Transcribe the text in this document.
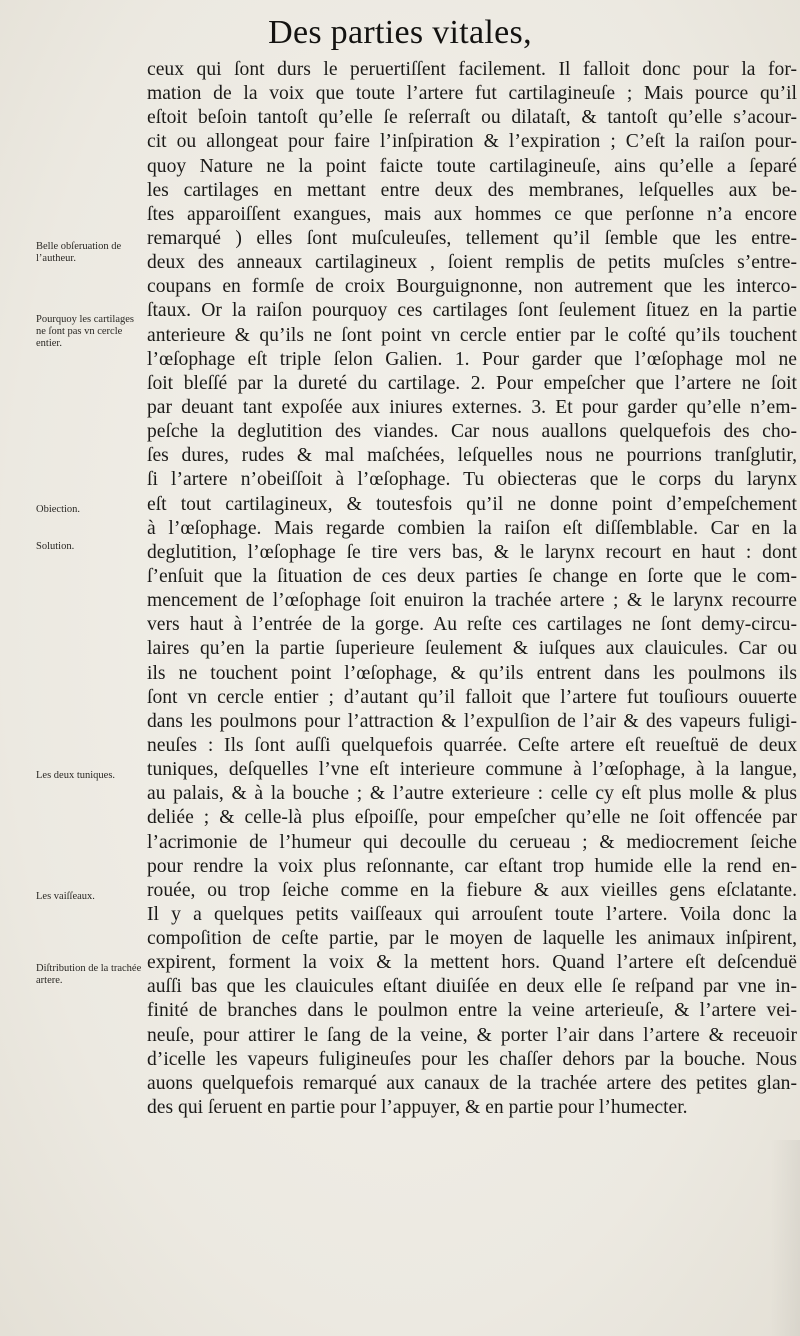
Des parties vitales,
ceux qui ſont durs le peruertiſſent facilement. Il falloit donc pour la for-
mation de la voix que toute l’artere fut cartilagineuſe ; Mais pource qu’il
eſtoit beſoin tantoſt qu’elle ſe reſerraſt ou dilataſt, & tantoſt qu’elle s’acour-
cit ou allongeat pour faire l’inſpiration & l’expiration ; C’eſt la raiſon pour-
quoy Nature ne la point faicte toute cartilagineuſe, ains qu’elle a ſeparé
les cartilages en mettant entre deux des membranes, leſquelles aux be-
ſtes apparoiſſent exangues, mais aux hommes ce que perſonne n’a encore
remarqué ) elles ſont muſculeuſes, tellement qu’il ſemble que les entre-
deux des anneaux cartilagineux , ſoient remplis de petits muſcles s’entre-
coupans en formſe de croix Bourguignonne, non autrement que les interco-
ſtaux. Or la raiſon pourquoy ces cartilages ſont ſeulement ſituez en la partie
anterieure & qu’ils ne ſont point vn cercle entier par le coſté qu’ils touchent
l’œſophage eſt triple ſelon Galien. 1. Pour garder que l’œſophage mol ne
ſoit bleſſé par la dureté du cartilage. 2. Pour empeſcher que l’artere ne ſoit
par deuant tant expoſée aux iniures externes. 3. Et pour garder qu’elle n’em-
peſche la deglutition des viandes. Car nous auallons quelquefois des cho-
ſes dures, rudes & mal maſchées, leſquelles nous ne pourrions tranſglutir,
ſi l’artere n’obeiſſoit à l’œſophage. Tu obiecteras que le corps du larynx
eſt tout cartilagineux, & toutesfois qu’il ne donne point d’empeſchement
à l’œſophage. Mais regarde combien la raiſon eſt diſſemblable. Car en la
deglutition, l’œſophage ſe tire vers bas, & le larynx recourt en haut : dont
ſ’enſuit que la ſituation de ces deux parties ſe change en ſorte que le com-
mencement de l’œſophage ſoit enuiron la trachée artere ; & le larynx recourre
vers haut à l’entrée de la gorge. Au reſte ces cartilages ne ſont demy-circu-
laires qu’en la partie ſuperieure ſeulement & iuſques aux clauicules. Car ou
ils ne touchent point l’œſophage, & qu’ils entrent dans les poulmons ils
ſont vn cercle entier ; d’autant qu’il falloit que l’artere fut touſiours ouuerte
dans les poulmons pour l’attraction & l’expulſion de l’air & des vapeurs fuligi-
neuſes : Ils ſont auſſi quelquefois quarrée. Ceſte artere eſt reueſtuë de deux
tuniques, deſquelles l’vne eſt interieure commune à l’œſophage, à la langue,
au palais, & à la bouche ; & l’autre exterieure : celle cy eſt plus molle & plus
deliée ; & celle-là plus eſpoiſſe, pour empeſcher qu’elle ne ſoit offencée par
l’acrimonie de l’humeur qui decoulle du cerueau ; & mediocrement ſeiche
pour rendre la voix plus reſonnante, car eſtant trop humide elle la rend en-
rouée, ou trop ſeiche comme en la fiebure & aux vieilles gens eſclatante.
Il y a quelques petits vaiſſeaux qui arrouſent toute l’artere. Voila donc la
compoſition de ceſte partie, par le moyen de laquelle les animaux inſpirent,
expirent, forment la voix & la mettent hors. Quand l’artere eſt deſcenduë
auſſi bas que les clauicules eſtant diuiſée en deux elle ſe reſpand par vne in-
finité de branches dans le poulmon entre la veine arterieuſe, & l’artere vei-
neuſe, pour attirer le ſang de la veine, & porter l’air dans l’artere & receuoir
d’icelle les vapeurs fuligineuſes pour les chaſſer dehors par la bouche. Nous
auons quelquefois remarqué aux canaux de la trachée artere des petites glan-
des qui ſeruent en partie pour l’appuyer, & en partie pour l’humecter.
Belle obſeruation de l’autheur.
Pourquoy les cartilages ne ſont pas vn cercle entier.
Obiection.
Solution.
Les deux tuniques.
Les vaiſſeaux.
Diſtribution de la trachée artere.
